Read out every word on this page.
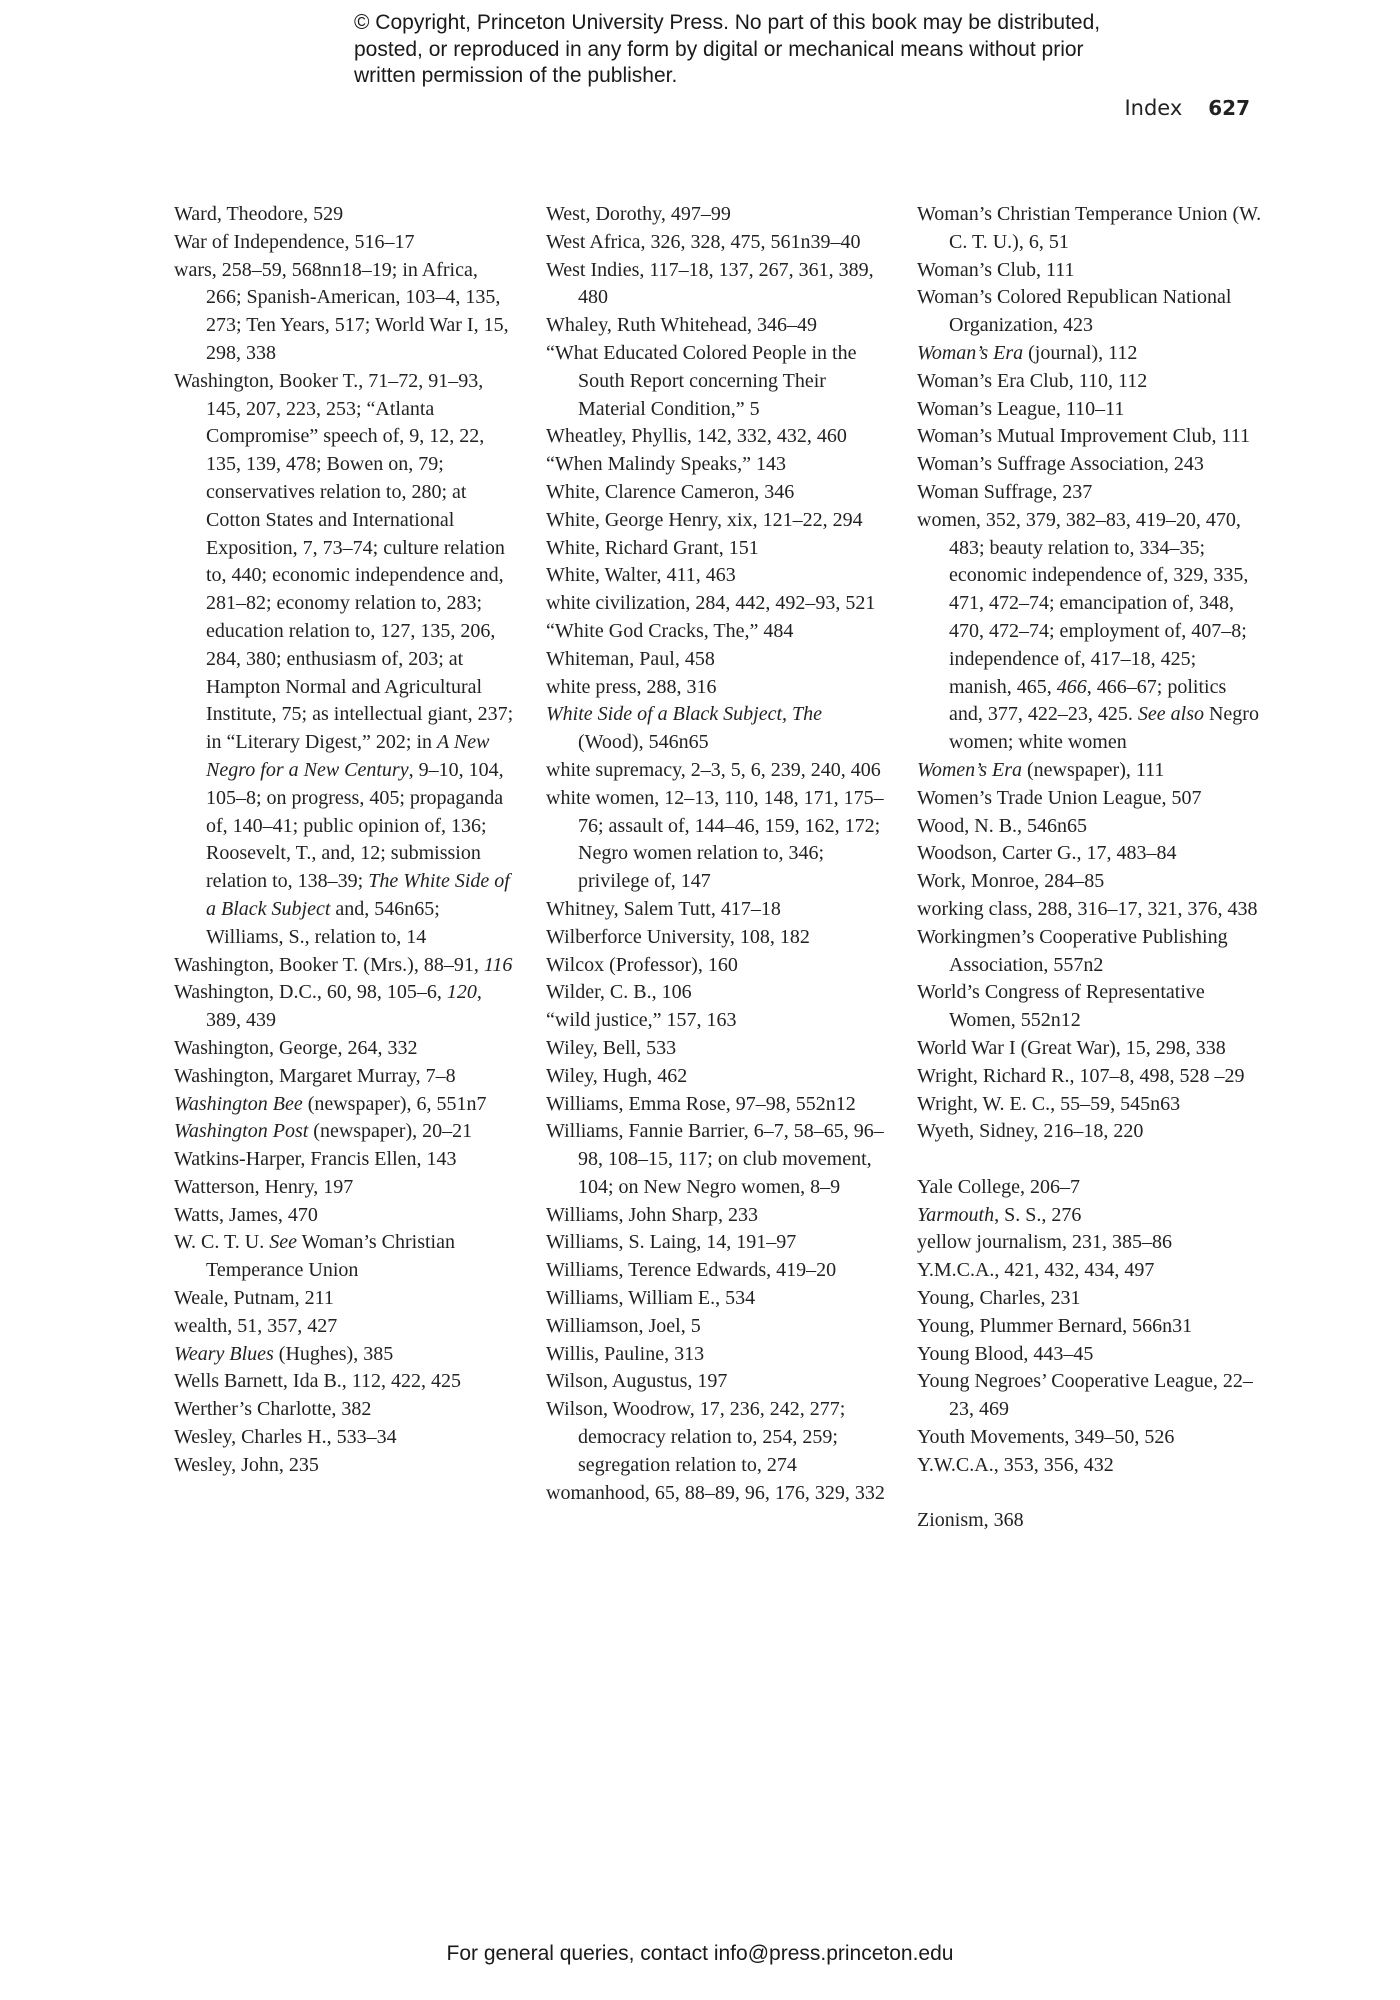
© Copyright, Princeton University Press. No part of this book may be distributed, posted, or reproduced in any form by digital or mechanical means without prior written permission of the publisher.
Index 627
Ward, Theodore, 529
War of Independence, 516–17
wars, 258–59, 568nn18–19; in Africa, 266; Spanish-American, 103–4, 135, 273; Ten Years, 517; World War I, 15, 298, 338
Washington, Booker T., 71–72, 91–93, 145, 207, 223, 253; “Atlanta Compromise” speech of, 9, 12, 22, 135, 139, 478; Bowen on, 79; conservatives relation to, 280; at Cotton States and International Exposition, 7, 73–74; culture relation to, 440; economic independence and, 281–82; economy relation to, 283; education relation to, 127, 135, 206, 284, 380; enthusiasm of, 203; at Hampton Normal and Agricultural Institute, 75; as intellectual giant, 237; in “Literary Digest,” 202; in A New Negro for a New Century, 9–10, 104, 105–8; on progress, 405; propaganda of, 140–41; public opinion of, 136; Roosevelt, T., and, 12; submission relation to, 138–39; The White Side of a Black Subject and, 546n65; Williams, S., relation to, 14
Washington, Booker T. (Mrs.), 88–91, 116
Washington, D.C., 60, 98, 105–6, 120, 389, 439
Washington, George, 264, 332
Washington, Margaret Murray, 7–8
Washington Bee (newspaper), 6, 551n7
Washington Post (newspaper), 20–21
Watkins-Harper, Francis Ellen, 143
Watterson, Henry, 197
Watts, James, 470
W. C. T. U. See Woman’s Christian Temperance Union
Weale, Putnam, 211
wealth, 51, 357, 427
Weary Blues (Hughes), 385
Wells Barnett, Ida B., 112, 422, 425
Werther’s Charlotte, 382
Wesley, Charles H., 533–34
Wesley, John, 235
West, Dorothy, 497–99
West Africa, 326, 328, 475, 561n39–40
West Indies, 117–18, 137, 267, 361, 389, 480
Whaley, Ruth Whitehead, 346–49
“What Educated Colored People in the South Report concerning Their Material Condition,” 5
Wheatley, Phyllis, 142, 332, 432, 460
“When Malindy Speaks,” 143
White, Clarence Cameron, 346
White, George Henry, xix, 121–22, 294
White, Richard Grant, 151
White, Walter, 411, 463
white civilization, 284, 442, 492–93, 521
“White God Cracks, The,” 484
Whiteman, Paul, 458
white press, 288, 316
White Side of a Black Subject, The (Wood), 546n65
white supremacy, 2–3, 5, 6, 239, 240, 406
white women, 12–13, 110, 148, 171, 175–76; assault of, 144–46, 159, 162, 172; Negro women relation to, 346; privilege of, 147
Whitney, Salem Tutt, 417–18
Wilberforce University, 108, 182
Wilcox (Professor), 160
Wilder, C. B., 106
“wild justice,” 157, 163
Wiley, Bell, 533
Wiley, Hugh, 462
Williams, Emma Rose, 97–98, 552n12
Williams, Fannie Barrier, 6–7, 58–65, 96–98, 108–15, 117; on club movement, 104; on New Negro women, 8–9
Williams, John Sharp, 233
Williams, S. Laing, 14, 191–97
Williams, Terence Edwards, 419–20
Williams, William E., 534
Williamson, Joel, 5
Willis, Pauline, 313
Wilson, Augustus, 197
Wilson, Woodrow, 17, 236, 242, 277; democracy relation to, 254, 259; segregation relation to, 274
womanhood, 65, 88–89, 96, 176, 329, 332
Woman’s Christian Temperance Union (W. C. T. U.), 6, 51
Woman’s Club, 111
Woman’s Colored Republican National Organization, 423
Woman’s Era (journal), 112
Woman’s Era Club, 110, 112
Woman’s League, 110–11
Woman’s Mutual Improvement Club, 111
Woman’s Suffrage Association, 243
Woman Suffrage, 237
women, 352, 379, 382–83, 419–20, 470, 483; beauty relation to, 334–35; economic independence of, 329, 335, 471, 472–74; emancipation of, 348, 470, 472–74; employment of, 407–8; independence of, 417–18, 425; manish, 465, 466, 466–67; politics and, 377, 422–23, 425. See also Negro women; white women
Women’s Era (newspaper), 111
Women’s Trade Union League, 507
Wood, N. B., 546n65
Woodson, Carter G., 17, 483–84
Work, Monroe, 284–85
working class, 288, 316–17, 321, 376, 438
Workingmen’s Cooperative Publishing Association, 557n2
World’s Congress of Representative Women, 552n12
World War I (Great War), 15, 298, 338
Wright, Richard R., 107–8, 498, 528 –29
Wright, W. E. C., 55–59, 545n63
Wyeth, Sidney, 216–18, 220
Yale College, 206–7
Yarmouth, S. S., 276
yellow journalism, 231, 385–86
Y.M.C.A., 421, 432, 434, 497
Young, Charles, 231
Young, Plummer Bernard, 566n31
Young Blood, 443–45
Young Negroes’ Cooperative League, 22–23, 469
Youth Movements, 349–50, 526
Y.W.C.A., 353, 356, 432
Zionism, 368
For general queries, contact info@press.princeton.edu
